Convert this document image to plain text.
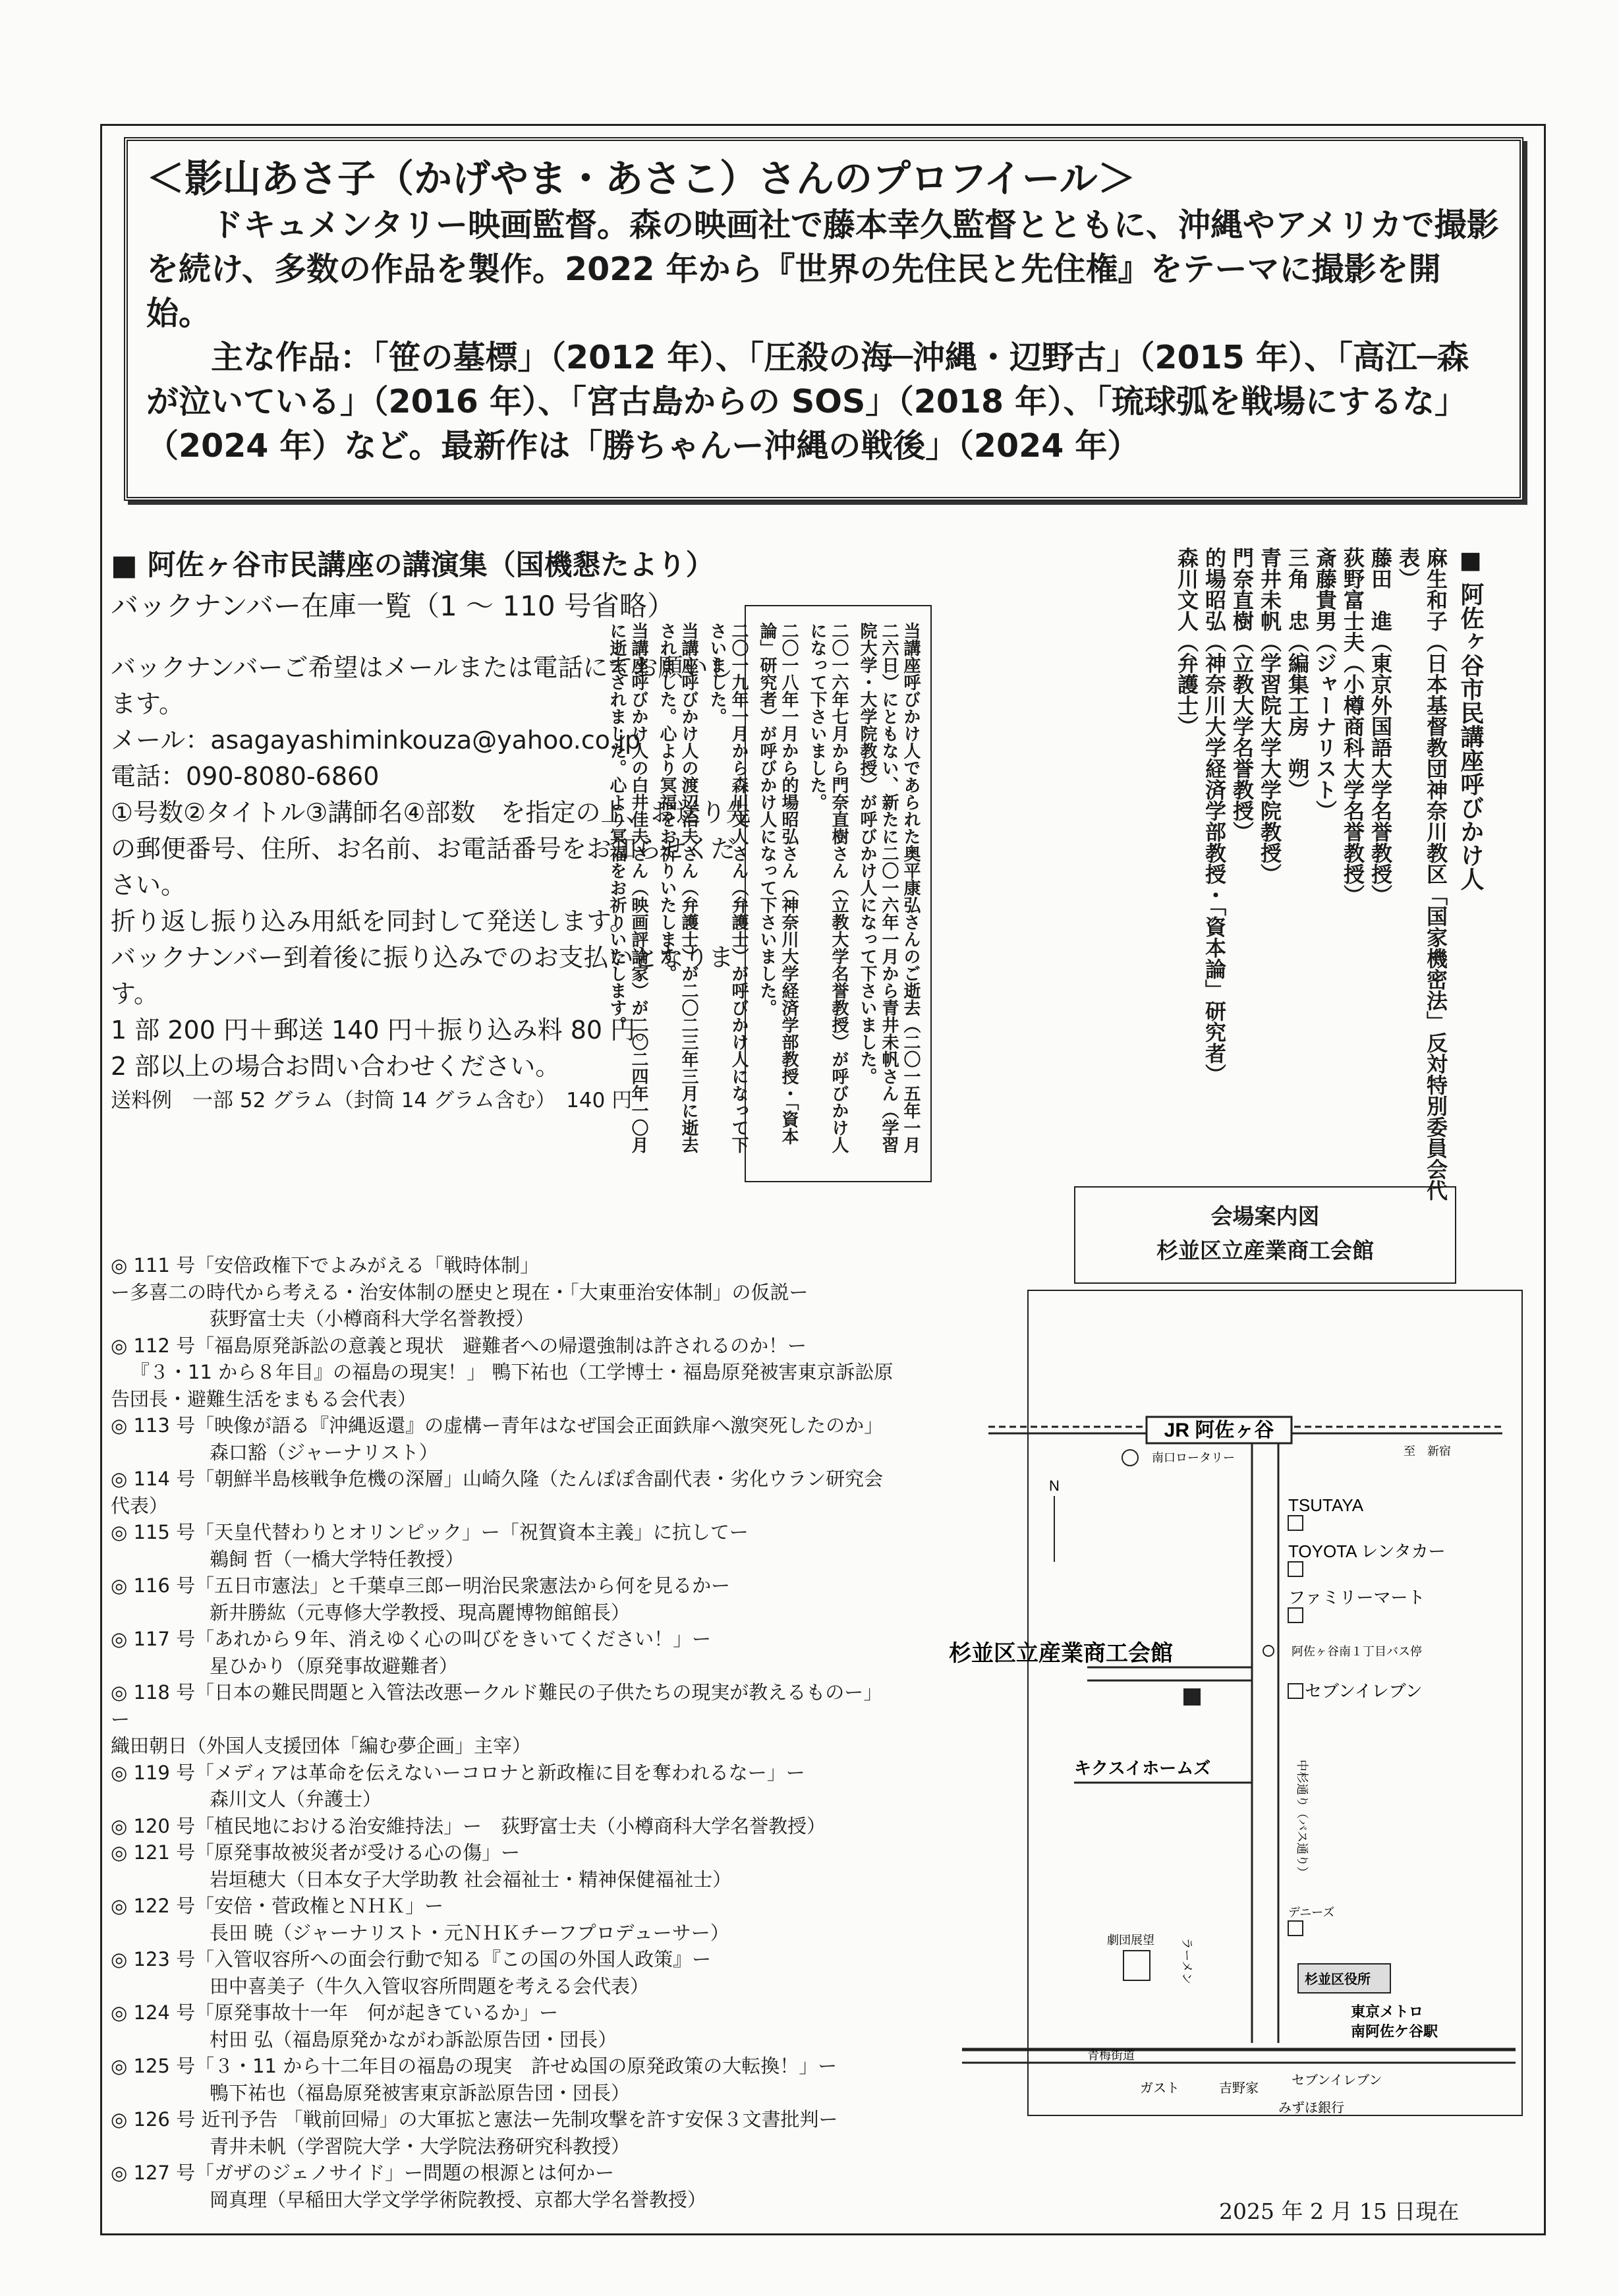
＜影山あさ子（かげやま・あさこ）さんのプロフイール＞
ドキュメンタリー映画監督。森の映画社で藤本幸久監督とともに、沖縄やアメリカで撮影を続け、多数の作品を製作。2022 年から『世界の先住民と先住権』をテーマに撮影を開始。
主な作品：「笹の墓標」（2012 年）、「圧殺の海─沖縄・辺野古」（2015 年）、「高江─森が泣いている」（2016 年）、「宮古島からの SOS」（2018 年）、「琉球弧を戦場にするな」（2024 年）など。最新作は「勝ちゃんー沖縄の戦後」（2024 年）
■ 阿佐ヶ谷市民講座の講演集（国機懇たより）
バックナンバー在庫一覧（1 ～ 110 号省略）
バックナンバーご希望はメールまたは電話にてお願いします。
メール：asagayashiminkouza@yahoo.co.jp
電話：090-8080-6860
①号数②タイトル③講師名④部数　を指定の上、お送り先の郵便番号、住所、お名前、お電話番号をお知らせください。
折り返し振り込み用紙を同封して発送します。
バックナンバー到着後に振り込みでのお支払いとなります。
1 部 200 円＋郵送 140 円＋振り込み料 80 円。
2 部以上の場合お問い合わせください。
送料例　一部 52 グラム（封筒 14 グラム含む）　140 円	当講座呼びかけ人であられた奥平康弘さんのご逝去（二〇一五年一月二六日）にともない、新たに二〇一六年一月から青井未帆さん（学習院大学・大学院教授）が呼びかけ人になって下さいました。

二〇一六年七月から門奈直樹さん（立教大学名誉教授）が呼びかけ人になって下さいました。

二〇一八年一月から的場昭弘さん（神奈川大学経済学部教授・「資本論」研究者）が呼びかけ人になって下さいました。

二〇一九年一月から森川文人さん（弁護士）が呼びかけ人になって下さいました。

当講座呼びかけ人の渡辺治夫さん（弁護士）が二〇二三年三月に逝去されました。心より冥福をお祈りいたします。

当講座呼びかけ人の白井佳夫さん（映画評論家）が二〇二四年一〇月に逝去されました。心より冥福をお祈りいたします。	■ 阿佐ヶ谷市民講座呼びかけ人
麻生和子（日本基督教団神奈川教区「国家機密法」反対特別委員会代表）
藤田　進（東京外国語大学名誉教授）
荻野富士夫（小樽商科大学名誉教授）
斎藤貴男（ジャーナリスト）
三角　忠（編集工房　朔）
青井未帆（学習院大学大学院教授）
門奈直樹（立教大学名誉教授）
的場昭弘（神奈川大学経済学部教授・「資本論」研究者）
森川文人（弁護士）
会場案内図
杉並区立産業商工会館
JR 阿佐ヶ谷
至　新宿
南口ロータリー
N
TSUTAYA
TOYOTA レンタカー
ファミリーマート
阿佐ヶ谷南１丁目バス停
杉並区立産業商工会館
セブンイレブン
キクスイホームズ	中杉通り（バス通り）
デニーズ
杉並区役所
劇団展望 ラーメン
東京メトロ
南阿佐ケ谷駅
青梅街道
ガスト	吉野家
セブンイレブン
みずほ銀行
◎ 111 号「安倍政権下でよみがえる「戦時体制」
ー多喜二の時代から考える・治安体制の歴史と現在・「大東亜治安体制」の仮説ー
荻野富士夫（小樽商科大学名誉教授）
◎ 112 号「福島原発訴訟の意義と現状　避難者への帰還強制は許されるのか！ー
『３・11 から８年目』の福島の現実！」 鴨下祐也（工学博士・福島原発被害東京訴訟原告団長・避難生活をまもる会代表）
◎ 113 号「映像が語る『沖縄返還』の虚構ー青年はなぜ国会正面鉄扉へ激突死したのか」
森口豁（ジャーナリスト）
◎ 114 号「朝鮮半島核戦争危機の深層」山崎久隆（たんぽぽ舎副代表・劣化ウラン研究会代表）
◎ 115 号「天皇代替わりとオリンピック」ー「祝賀資本主義」に抗してー
鵜飼 哲（一橋大学特任教授）
◎ 116 号「五日市憲法」と千葉卓三郎ー明治民衆憲法から何を見るかー
新井勝紘（元専修大学教授、現高麗博物館館長）
◎ 117 号「あれから９年、消えゆく心の叫びをきいてください！」ー
星ひかり（原発事故避難者）
◎ 118 号「日本の難民問題と入管法改悪ークルド難民の子供たちの現実が教えるものー」ー
織田朝日（外国人支援団体「編む夢企画」主宰）
◎ 119 号「メディアは革命を伝えないーコロナと新政権に目を奪われるなー」ー
森川文人（弁護士）
◎ 120 号「植民地における治安維持法」ー　荻野富士夫（小樽商科大学名誉教授）
◎ 121 号「原発事故被災者が受ける心の傷」ー
岩垣穂大（日本女子大学助教 社会福祉士・精神保健福祉士）
◎ 122 号「安倍・菅政権とＮＨＫ」ー
長田 暁（ジャーナリスト・元ＮＨＫチーフプロデューサー）
◎ 123 号「入管収容所への面会行動で知る『この国の外国人政策』ー
田中喜美子（牛久入管収容所問題を考える会代表）
◎ 124 号「原発事故十一年　何が起きているか」ー
村田 弘（福島原発かながわ訴訟原告団・団長）
◎ 125 号「３・11 から十二年目の福島の現実　許せぬ国の原発政策の大転換！」ー
鴨下祐也（福島原発被害東京訴訟原告団・団長）
◎ 126 号 近刊予告 「戦前回帰」の大軍拡と憲法ー先制攻撃を許す安保３文書批判ー
青井未帆（学習院大学・大学院法務研究科教授）
◎ 127 号「ガザのジェノサイド」ー問題の根源とは何かー
岡真理（早稲田大学文学学術院教授、京都大学名誉教授）	2025 年 2 月 15 日現在
